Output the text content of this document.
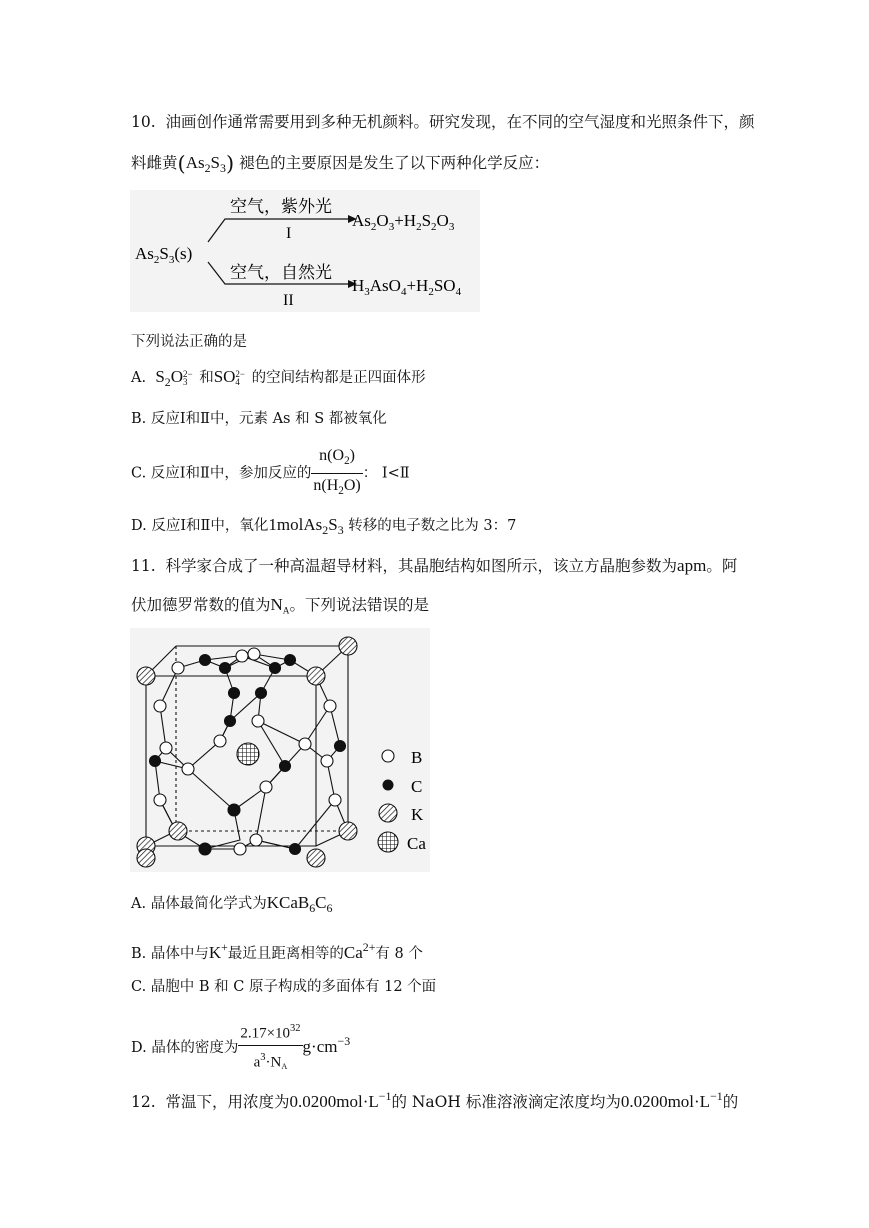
10. 油画创作通常需要用到多种无机颜料。研究发现，在不同的空气湿度和光照条件下，颜
料雌黄$(As_2S_3)$ 褪色的主要原因是发生了以下两种化学反应：
$As_2S_3(s)$
空气，紫外光
I
$As_2O_3+H_2S_2O_3$
空气，自然光
II
$H_3AsO_4+H_2SO_4$
下列说法正确的是
A. $S_2O$ 2−
3 和SO 2−
4 的空间结构都是正四面体形
B. 反应Ⅰ和Ⅱ中，元素 As 和 S 都被氧化
C. 反应Ⅰ和Ⅱ中，参加反应的 $\frac{n(O_2)}{n(H_2O)}$ ： Ⅰ<Ⅱ
D. 反应Ⅰ和Ⅱ中，氧化$1molAs_2S_3$ 转移的电子数之比为 3：7
11. 科学家合成了一种高温超导材料，其晶胞结构如图所示，该立方晶胞参数为apm。阿
伏加德罗常数的值为$N_A$。下列说法错误的是
B
C
K
Ca
A. 晶体最简化学式为$KCaB_6C_6$
B. 晶体中与K+最近且距离相等的$Ca^{2+}$有 8 个
C. 晶胞中 B 和 C 原子构成的多面体有 12 个面
D. 晶体的密度为 $\frac{2.17\times 10^{32}}{a^3\cdot N_A} g\cdot cm^{-3}$
12. 常温下，用浓度为$0.0200mol\cdot L^{-1}$的 NaOH 标准溶液滴定浓度均为$0.0200mol\cdot L^{-1}$的
